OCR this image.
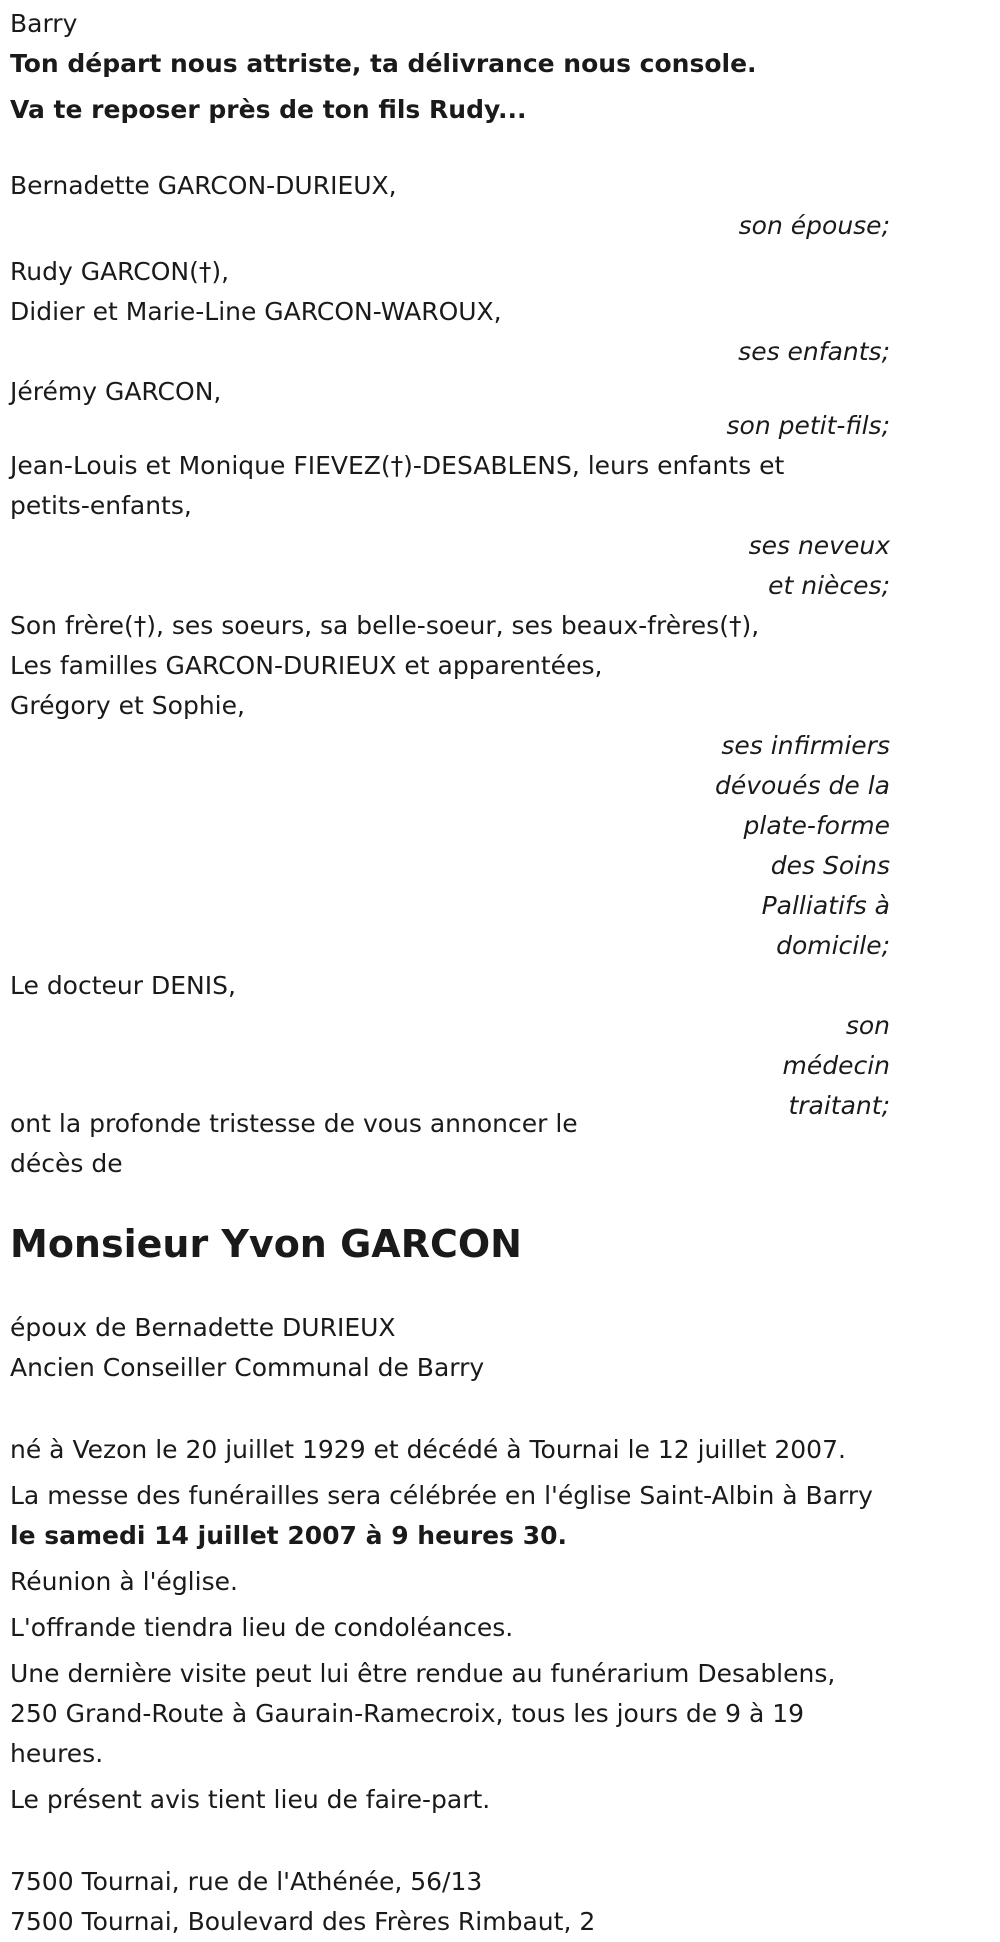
Barry

Ton départ nous attriste, ta délivrance nous console.

Va te reposer près de ton fils Rudy...

Bernadette GARCON-DURIEUX,

son épouse;

Rudy GARCON(†),

Didier et Marie-Line GARCON-WAROUX,

ses enfants;

Jérémy GARCON,

son petit-fils;

Jean-Louis et Monique FIEVEZ(†)-DESABLENS, leurs enfants et petits-enfants,

ses neveux et nièces;

Son frère(†), ses soeurs, sa belle-soeur, ses beaux-frères(†),

Les familles GARCON-DURIEUX et apparentées,

Grégory et Sophie,

ses infirmiers dévoués de la plate-forme des Soins Palliatifs à domicile;

Le docteur DENIS,

son médecin traitant;

ont la profonde tristesse de vous annoncer le décès de

Monsieur Yvon GARCON

époux de Bernadette DURIEUX

Ancien Conseiller Communal de Barry

né à Vezon le 20 juillet 1929 et décédé à Tournai le 12 juillet 2007.

La messe des funérailles sera célébrée en l'église Saint-Albin à Barry le samedi 14 juillet 2007 à 9 heures 30.

Réunion à l'église.

L'offrande tiendra lieu de condoléances.

Une dernière visite peut lui être rendue au funérarium Desablens, 250 Grand-Route à Gaurain-Ramecroix, tous les jours de 9 à 19 heures.

Le présent avis tient lieu de faire-part.

7500 Tournai, rue de l'Athénée, 56/13

7500 Tournai, Boulevard des Frères Rimbaut, 2
